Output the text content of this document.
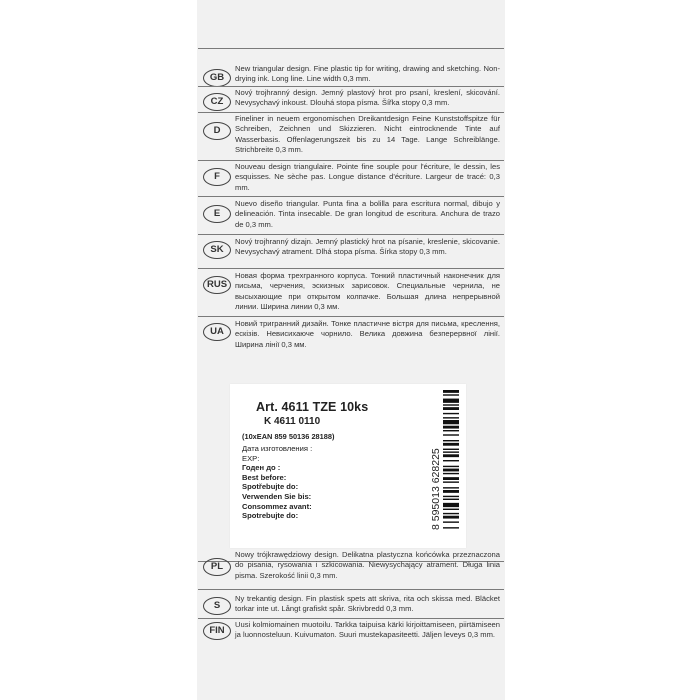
GB
New triangular design. Fine plastic tip for writing, drawing and sketching. Non-drying ink. Long line. Line width 0,3 mm.
CZ
Nový trojhranný design. Jemný plastový hrot pro psaní, kreslení, skicování. Nevysychavý inkoust. Dlouhá stopa písma. Šířka stopy 0,3 mm.
D
Fineliner in neuem ergonomischen Dreikantdesign Feine Kunststoffspitze für Schreiben, Zeichnen und Skizzieren. Nicht eintrocknende Tinte auf Wasserbasis. Offenlagerungszeit bis zu 14 Tage. Lange Schreiblänge. Strichbreite 0,3 mm.
F
Nouveau design triangulaire. Pointe fine souple pour l'écriture, le dessin, les esquisses. Ne sèche pas. Longue distance d'écriture. Largeur de tracé: 0,3 mm.
E
Nuevo diseño triangular. Punta fina a bolilla para escritura normal, dibujo y delineación. Tinta insecable. De gran longitud de escritura. Anchura de trazo de 0,3 mm.
SK
Nový trojhranný dizajn. Jemný plastický hrot na písanie, kreslenie, skicovanie. Nevysychavý atrament. Dlhá stopa písma. Šírka stopy 0,3 mm.
RUS
Новая форма трехгранного корпуса. Тонкий пластичный наконечник для письма, черчения, эскизных зарисовок. Специальные чернила, не высыхающие при открытом колпачке. Большая длина непрерывной линии. Ширина линии 0,3 мм.
UA
Новий тригранний дизайн. Тонке пластичне вістря для письма, креслення, ескізів. Невисихаюче чорнило. Велика довжина безперервної лінії. Ширина лінії 0,3 мм.
Art. 4611 TZE 10ks
K 4611 0110
(10xEAN 859 50136 28188)
Дата изготовления :
EXP:
Годен до :
Best before:
Spotřebujte do:
Verwenden Sie bis:
Consommez avant:
Spotrebujte do:	8 595013 628225
PL
Nowy trójkrawędziowy design. Delikatna plastyczna końcówka przeznaczona do pisania, rysowania i szkicowania. Niewysychający atrament. Długa linia pisma. Szerokość linii 0,3 mm.
S
Ny trekantig design. Fin plastisk spets att skriva, rita och skissa med. Bläcket torkar inte ut. Långt grafiskt spår. Skrivbredd 0,3 mm.
FIN
Uusi kolmiomainen muotoilu. Tarkka taipuisa kärki kirjoittamiseen, piirtämiseen ja luonnosteluun. Kuivumaton. Suuri mustekapasiteetti. Jäljen leveys 0,3 mm.
